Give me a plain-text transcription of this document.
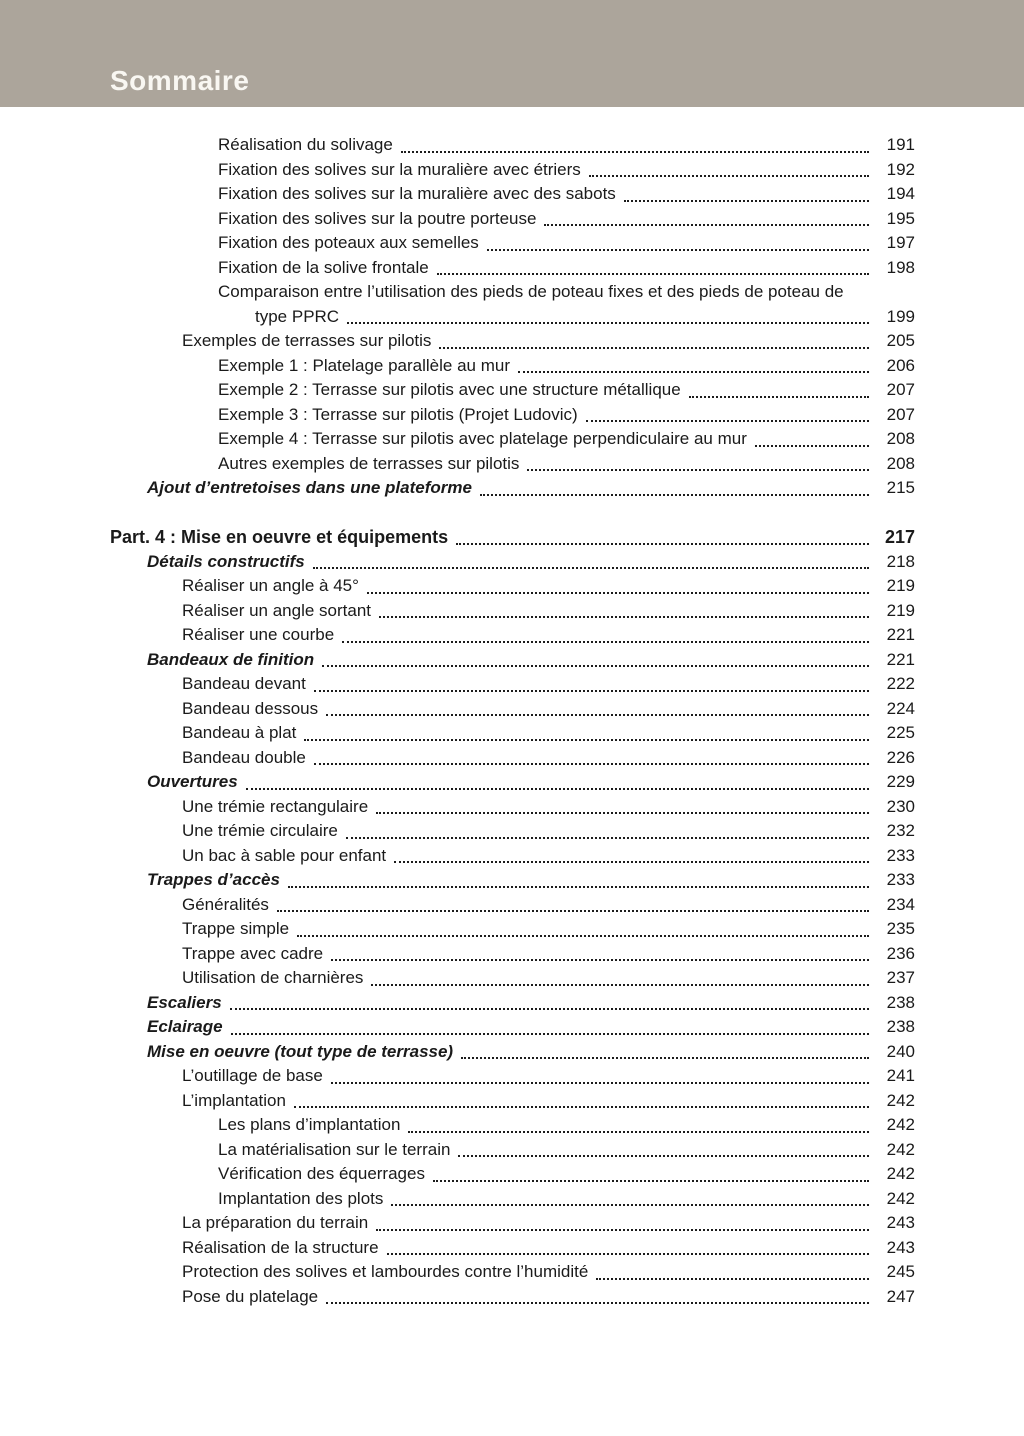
Sommaire
Réalisation du solivage	191
Fixation des solives sur la muralière avec étriers	192
Fixation des solives sur la muralière avec des sabots	194
Fixation des solives sur la poutre porteuse	195
Fixation des poteaux aux semelles	197
Fixation de la solive frontale	198
Comparaison entre l’utilisation des pieds de poteau fixes et des pieds de poteau de
type PPRC	199
Exemples de terrasses sur pilotis	205
Exemple 1 : Platelage parallèle au mur	206
Exemple 2 : Terrasse sur pilotis avec une structure métallique	207
Exemple 3 : Terrasse sur pilotis (Projet Ludovic)	207
Exemple 4 : Terrasse sur pilotis avec platelage perpendiculaire au mur	208
Autres exemples de terrasses sur pilotis	208
Ajout d’entretoises dans une plateforme	215
Part. 4 : Mise en oeuvre et équipements	217
Détails constructifs	218
Réaliser un angle à 45°	219
Réaliser un angle sortant	219
Réaliser une courbe	221
Bandeaux de finition	221
Bandeau devant	222
Bandeau dessous	224
Bandeau à plat	225
Bandeau double	226
Ouvertures	229
Une trémie rectangulaire	230
Une trémie circulaire	232
Un bac à sable pour enfant	233
Trappes d’accès	233
Généralités	234
Trappe simple	235
Trappe avec cadre	236
Utilisation de charnières	237
Escaliers	238
Eclairage	238
Mise en oeuvre (tout type de terrasse)	240
L’outillage de base	241
L’implantation	242
Les plans d’implantation	242
La matérialisation sur le terrain	242
Vérification des équerrages	242
Implantation des plots	242
La préparation du terrain	243
Réalisation de la structure	243
Protection des solives et lambourdes contre l’humidité	245
Pose du platelage	247
